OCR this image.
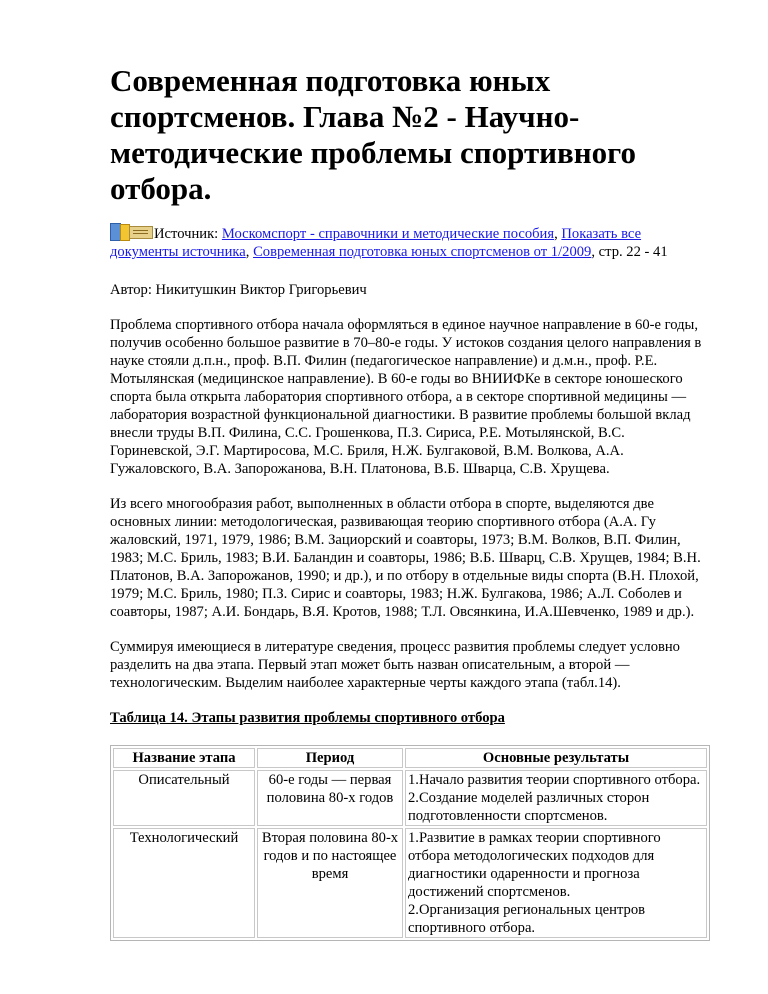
Современная подготовка юных спортсменов. Глава №2 - Научно-методические проблемы спортивного отбора.

Источник: Москомспорт - справочники и методические пособия, Показать все документы источника, Современная подготовка юных спортсменов от 1/2009, стр. 22 - 41

Автор: Никитушкин Виктор Григорьевич

Проблема спортивного отбора начала оформляться в единое научное направление в 60-е годы, получив особенно большое развитие в 70–80-е годы. У истоков создания целого направления в науке стояли д.п.н., проф. В.П. Филин (педагогическое направление) и д.м.н., проф. Р.Е. Мотылянская (медицинское направление). В 60-е годы во ВНИИФКе в секторе юношеского спорта была открыта лаборатория спортивного отбора, а в секторе спортивной медицины — лаборатория возрастной функциональной диагностики. В развитие проблемы большой вклад внесли труды В.П. Филина, С.С. Грошенкова, П.З. Сириса, Р.Е. Мотылянской, В.С. Гориневской, Э.Г. Мартиросова, М.С. Бриля, Н.Ж. Булгаковой, В.М. Волкова, А.А. Гужаловского, В.А. Запорожанова, В.Н. Платонова, В.Б. Шварца, С.В. Хрущева.

Из всего многообразия работ, выполненных в области отбора в спорте, выделяются две основных линии: методологическая, развивающая теорию спортивного отбора (А.А. Гу жаловский, 1971, 1979, 1986; В.М. Зациорский и соавторы, 1973; В.М. Волков, В.П. Филин, 1983; М.С. Бриль, 1983; В.И. Баландин и соавторы, 1986; В.Б. Шварц, С.В. Хрущев, 1984; В.Н. Платонов, В.А. Запорожанов, 1990; и др.), и по отбору в отдельные виды спорта (В.Н. Плохой, 1979; М.С. Бриль, 1980; П.З. Сирис и соавторы, 1983; Н.Ж. Булгакова, 1986; А.Л. Соболев и соавторы, 1987; А.И. Бондарь, В.Я. Кротов, 1988; Т.Л. Овсянкина, И.А.Шевченко, 1989 и др.).

Суммируя имеющиеся в литературе сведения, процесс развития проблемы следует условно разделить на два этапа. Первый этап может быть назван описательным, а второй — технологическим. Выделим наиболее характерные черты каждого этапа (табл.14).

Таблица 14. Этапы развития проблемы спортивного отбора

Название этапа	Период	Основные результаты
Описательный	60-е годы — первая половина 80-х годов	1.Начало развития теории спортивного отбора.
2.Создание моделей различных сторон подготовленности спортсменов.

Технологический	Вторая половина 80-х годов и по настоящее время	1.Развитие в рамках теории спортивного отбора методологических подходов для диагностики одаренности и прогноза достижений спортсменов.
2.Организация региональных центров спортивного отбора.
